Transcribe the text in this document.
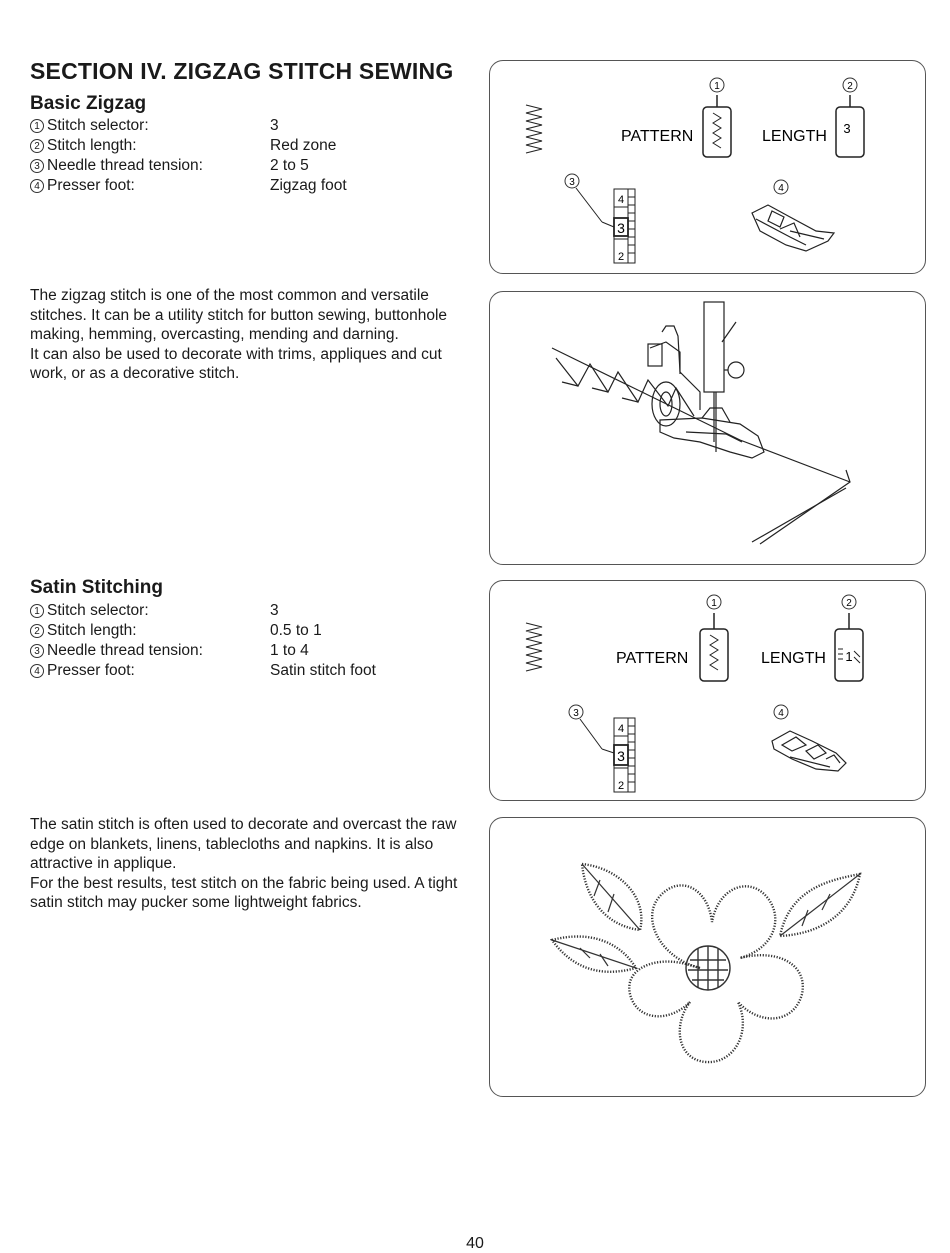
SECTION IV. ZIGZAG STITCH SEWING
Basic Zigzag
1 Stitch selector:	3
2 Stitch length:	Red zone
3 Needle thread tension:	2 to 5
4 Presser foot:	Zigzag foot

The zigzag stitch is one of the most common and versatile stitches. It can be a utility stitch for button sewing, buttonhole making, hemming, overcasting, mending and darning.

It can also be used to decorate with trims, appliques and cut work, or as a decorative stitch.

1	2
PATTERN	LENGTH 3
3
4
3
2
4
Satin Stitching
1 Stitch selector:	3
2 Stitch length:	0.5 to 1
3 Needle thread tension:	1 to 4
4 Presser foot:	Satin stitch foot

The satin stitch is often used to decorate and overcast the raw edge on blankets, linens, tablecloths and napkins. It is also attractive in applique.

For the best results, test stitch on the fabric being used. A tight satin stitch may pucker some lightweight fabrics.

1	2
PATTERN	LENGTH 1
3
4
3
2
4
40
